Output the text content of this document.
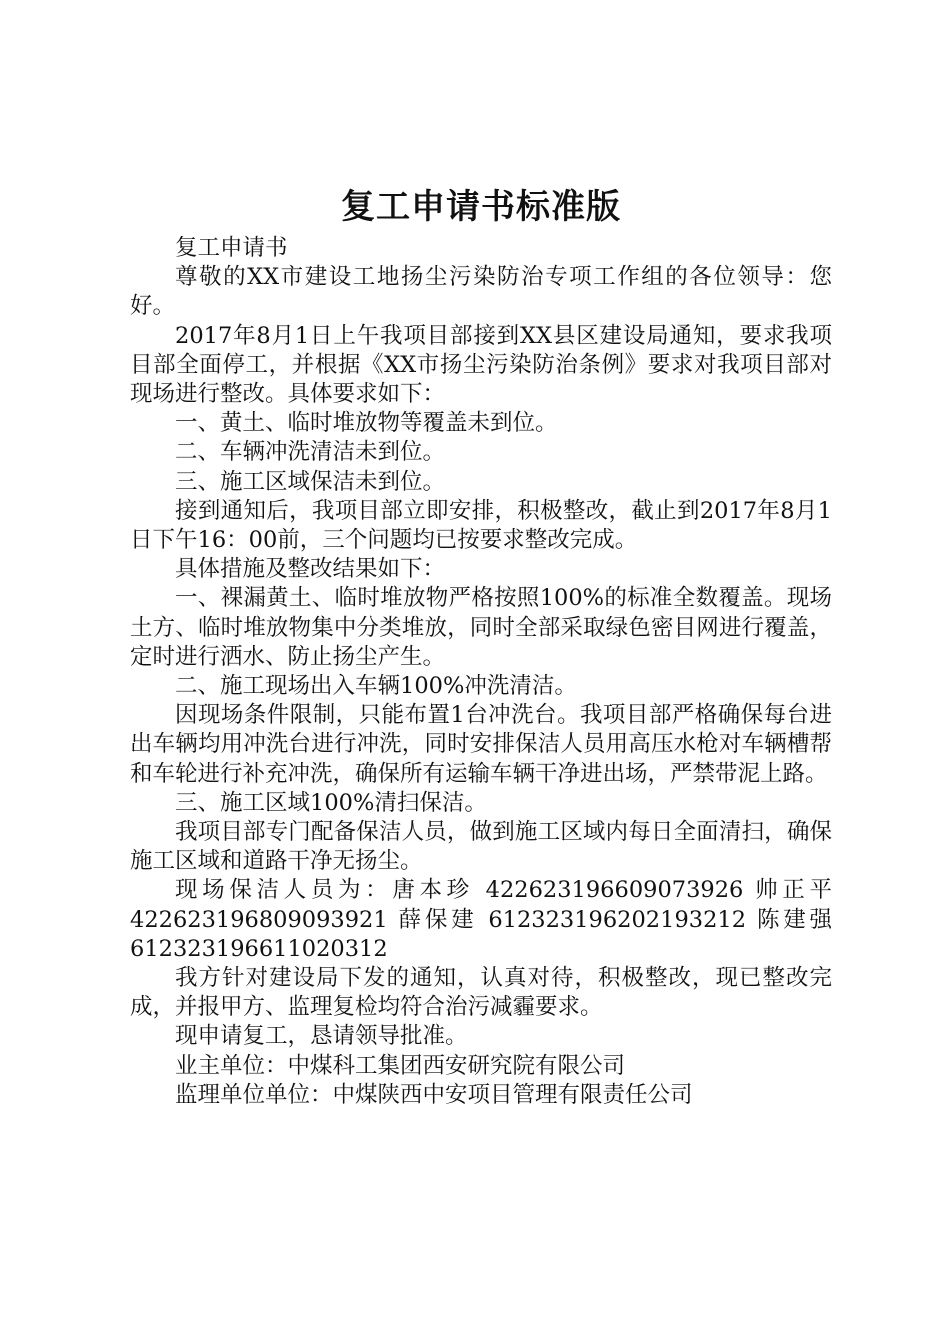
复工申请书标准版

复工申请书

尊敬的XX市建设工地扬尘污染防治专项工作组的各位领导：您好。

2017年8月1日上午我项目部接到XX县区建设局通知，要求我项目部全面停工，并根据《XX市扬尘污染防治条例》要求对我项目部对现场进行整改。具体要求如下：

一、黄土、临时堆放物等覆盖未到位。

二、车辆冲洗清洁未到位。

三、施工区域保洁未到位。

接到通知后，我项目部立即安排，积极整改，截止到2017年8月1日下午16：00前，三个问题均已按要求整改完成。

具体措施及整改结果如下：

一、裸漏黄土、临时堆放物严格按照100%的标准全数覆盖。现场土方、临时堆放物集中分类堆放，同时全部采取绿色密目网进行覆盖，定时进行洒水、防止扬尘产生。

二、施工现场出入车辆100%冲洗清洁。

因现场条件限制，只能布置1台冲洗台。我项目部严格确保每台进出车辆均用冲洗台进行冲洗，同时安排保洁人员用高压水枪对车辆槽帮和车轮进行补充冲洗，确保所有运输车辆干净进出场，严禁带泥上路。

三、施工区域100%清扫保洁。

我项目部专门配备保洁人员，做到施工区域内每日全面清扫，确保施工区域和道路干净无扬尘。

现场保洁人员为：唐本珍 422623196609073926 帅正平 422623196809093921 薛保建 612323196202193212 陈建强 612323196611020312

我方针对建设局下发的通知，认真对待，积极整改，现已整改完成，并报甲方、监理复检均符合治污减霾要求。

现申请复工，恳请领导批准。

业主单位：中煤科工集团西安研究院有限公司

监理单位单位：中煤陕西中安项目管理有限责任公司
